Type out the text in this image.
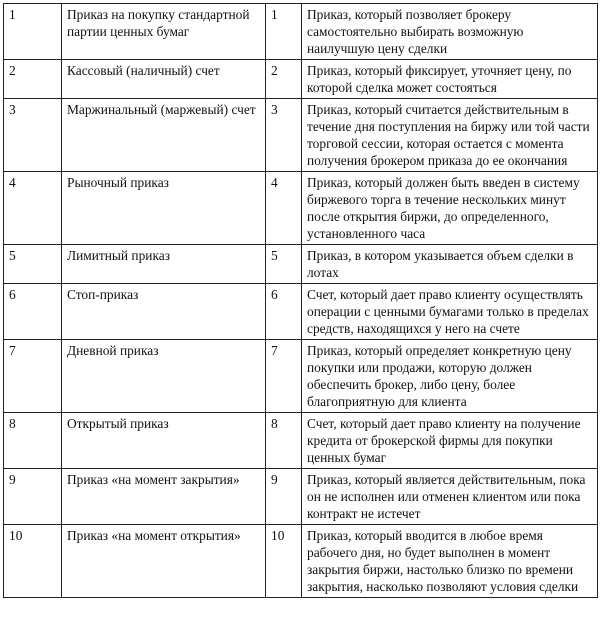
1	Приказ на покупку стандартной партии ценных бумаг	1	Приказ, который позволяет брокеру самостоятельно выбирать возможную наилучшую цену сделки
2	Кассовый (наличный) счет	2	Приказ, который фиксирует, уточняет цену, по которой сделка может состояться
3	Маржинальный (маржевый) счет	3	Приказ, который считается действительным в течение дня поступления на биржу или той части торговой сессии, которая остается с момента получения брокером приказа до ее окончания
4	Рыночный приказ	4	Приказ, который должен быть введен в систему биржевого торга в течение нескольких минут после открытия биржи, до определенного, установленного часа
5	Лимитный приказ	5	Приказ, в котором указывается объем сделки в лотах
6	Стоп-приказ	6	Счет, который дает право клиенту осуществлять операции с ценными бумагами только в пределах средств, находящихся у него на счете
7	Дневной приказ	7	Приказ, который определяет конкретную цену покупки или продажи, которую должен обеспечить брокер, либо цену, более благоприятную для клиента
8	Открытый приказ	8	Счет, который дает право клиенту на получение кредита от брокерской фирмы для покупки ценных бумаг
9	Приказ «на момент закрытия»	9	Приказ, который является действительным, пока он не исполнен или отменен клиентом или пока контракт не истечет
10	Приказ «на момент открытия»	10	Приказ, который вводится в любое время рабочего дня, но будет выполнен в момент закрытия биржи, настолько близко по времени закрытия, насколько позволяют условия сделки
